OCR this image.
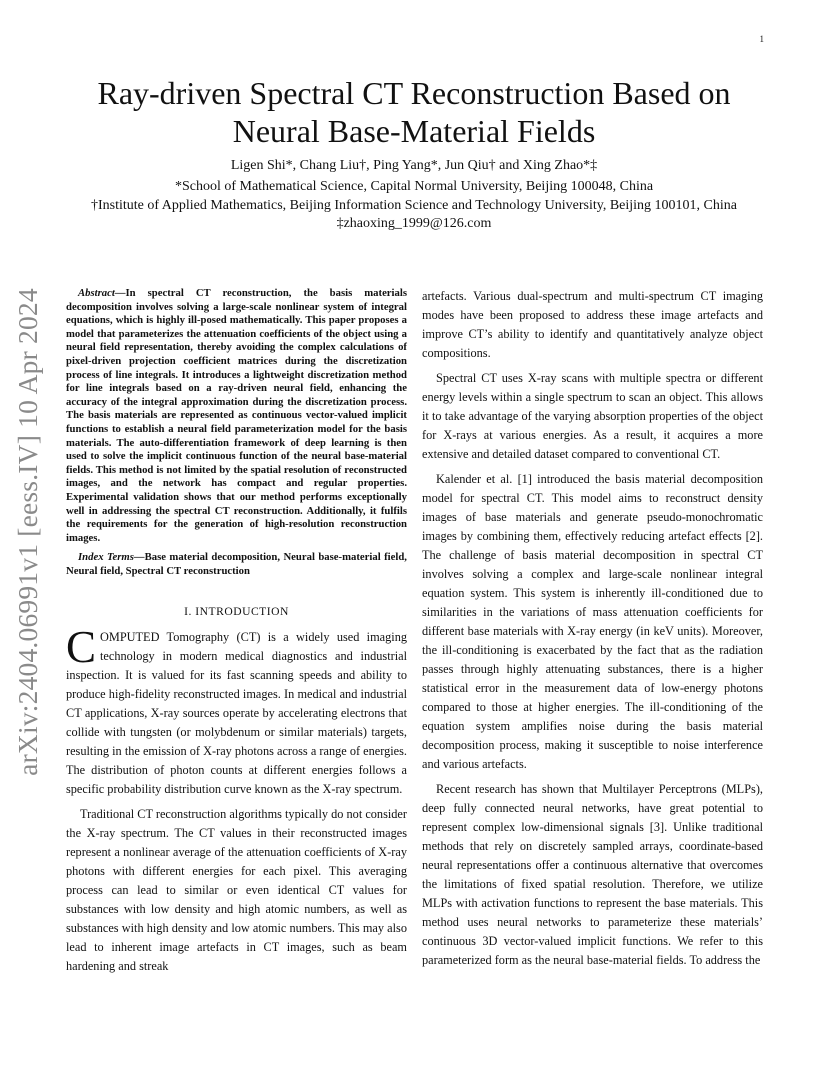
1
arXiv:2404.06991v1 [eess.IV] 10 Apr 2024
Ray-driven Spectral CT Reconstruction Based on
Neural Base-Material Fields
Ligen Shi*, Chang Liu†, Ping Yang*, Jun Qiu† and Xing Zhao*‡
*School of Mathematical Science, Capital Normal University, Beijing 100048, China
†Institute of Applied Mathematics, Beijing Information Science and Technology University, Beijing 100101, China
‡zhaoxing_1999@126.com

Abstract—In spectral CT reconstruction, the basis materials decomposition involves solving a large-scale nonlinear system of integral equations, which is highly ill-posed mathematically. This paper proposes a model that parameterizes the attenuation coefficients of the object using a neural field representation, thereby avoiding the complex calculations of pixel-driven projection coefficient matrices during the discretization process of line integrals. It introduces a lightweight discretization method for line integrals based on a ray-driven neural field, enhancing the accuracy of the integral approximation during the discretization process. The basis materials are represented as continuous vector-valued implicit functions to establish a neural field parameterization model for the basis materials. The auto-differentiation framework of deep learning is then used to solve the implicit continuous function of the neural base-material fields. This method is not limited by the spatial resolution of reconstructed images, and the network has compact and regular properties. Experimental validation shows that our method performs exceptionally well in addressing the spectral CT reconstruction. Additionally, it fulfils the requirements for the generation of high-resolution reconstruction images.

Index Terms—Base material decomposition, Neural base-material field, Neural field, Spectral CT reconstruction

I. INTRODUCTION

COMPUTED Tomography (CT) is a widely used imaging technology in modern medical diagnostics and industrial inspection. It is valued for its fast scanning speeds and ability to produce high-fidelity reconstructed images. In medical and industrial CT applications, X-ray sources operate by accelerating electrons that collide with tungsten (or molybdenum or similar materials) targets, resulting in the emission of X-ray photons across a range of energies. The distribution of photon counts at different energies follows a specific probability distribution curve known as the X-ray spectrum.

Traditional CT reconstruction algorithms typically do not consider the X-ray spectrum. The CT values in their reconstructed images represent a nonlinear average of the attenuation coefficients of X-ray photons with different energies for each pixel. This averaging process can lead to similar or even identical CT values for substances with low density and high atomic numbers, as well as substances with high density and low atomic numbers. This may also lead to inherent image artefacts in CT images, such as beam hardening and streak

artefacts. Various dual-spectrum and multi-spectrum CT imaging modes have been proposed to address these image artefacts and improve CT’s ability to identify and quantitatively analyze object compositions.

Spectral CT uses X-ray scans with multiple spectra or different energy levels within a single spectrum to scan an object. This allows it to take advantage of the varying absorption properties of the object for X-rays at various energies. As a result, it acquires a more extensive and detailed dataset compared to conventional CT.

Kalender et al. [1] introduced the basis material decomposition model for spectral CT. This model aims to reconstruct density images of base materials and generate pseudo-monochromatic images by combining them, effectively reducing artefact effects [2]. The challenge of basis material decomposition in spectral CT involves solving a complex and large-scale nonlinear integral equation system. This system is inherently ill-conditioned due to similarities in the variations of mass attenuation coefficients for different base materials with X-ray energy (in keV units). Moreover, the ill-conditioning is exacerbated by the fact that as the radiation passes through highly attenuating substances, there is a higher statistical error in the measurement data of low-energy photons compared to those at higher energies. The ill-conditioning of the equation system amplifies noise during the basis material decomposition process, making it susceptible to noise interference and various artefacts.

Recent research has shown that Multilayer Perceptrons (MLPs), deep fully connected neural networks, have great potential to represent complex low-dimensional signals [3]. Unlike traditional methods that rely on discretely sampled arrays, coordinate-based neural representations offer a continuous alternative that overcomes the limitations of fixed spatial resolution. Therefore, we utilize MLPs with activation functions to represent the base materials. This method uses neural networks to parameterize these materials’ continuous 3D vector-valued implicit functions. We refer to this parameterized form as the neural base-material fields. To address the
